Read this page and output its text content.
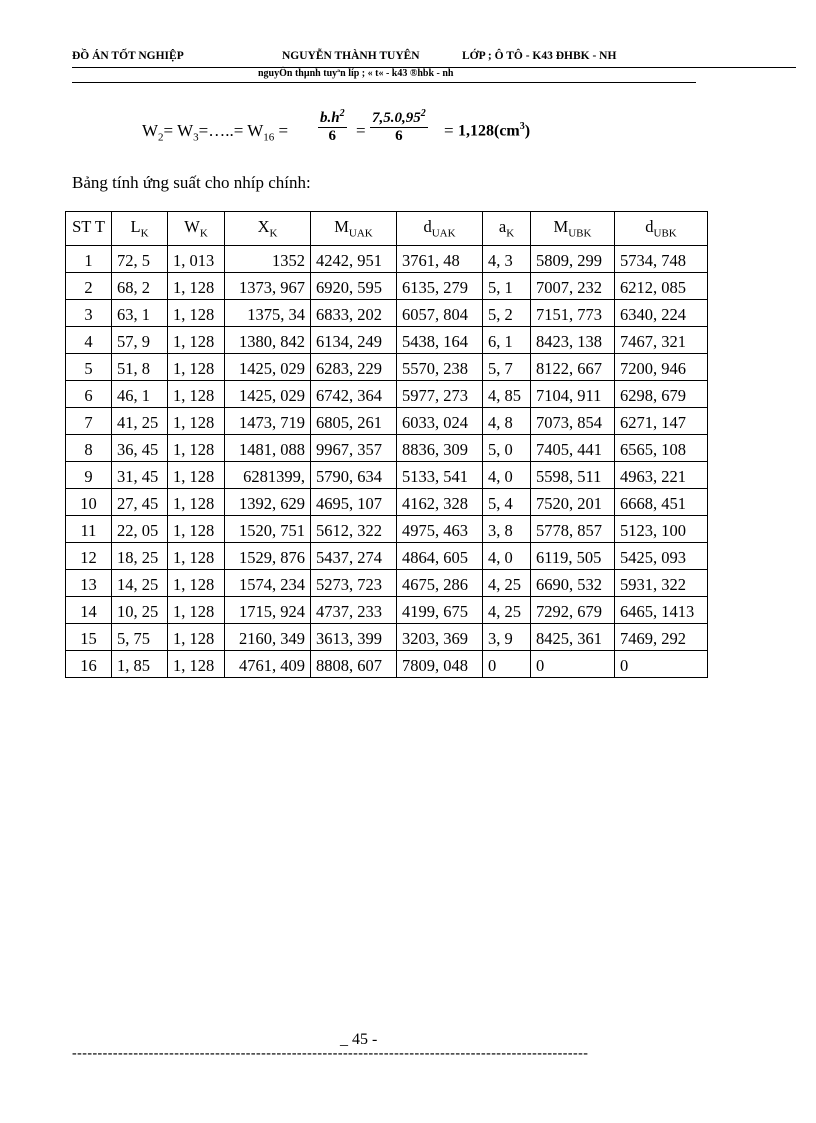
ĐỒ ÁN TỐT NGHIỆP	NGUYỄN THÀNH TUYÊN	LỚP ; Ô TÔ - K43 ĐHBK - NH
nguyÔn thµnh tuyªn líp ; « t« - k43 ®hbk - nh
$W_2=$ $W_3=\dots..= W_{16} = \frac{b.h^2}{6} = \frac{7,5.0,95^2}{6} = 1,128(cm^3)$
Bảng tính ứng suất cho nhíp chính:
ST T	$L_K$	$W_K$	$X_K$	$M_{UAK}$	$d_{UAK}$	$a_K$	$M_{UBK}$	$d_{UBK}$
1	72, 5	1, 013	1352	4242, 951	3761, 48	4, 3	5809, 299	5734, 748
2	68, 2	1, 128	1373, 967	6920, 595	6135, 279	5, 1	7007, 232	6212, 085
3	63, 1	1, 128	1375, 34	6833, 202	6057, 804	5, 2	7151, 773	6340, 224
4	57, 9	1, 128	1380, 842	6134, 249	5438, 164	6, 1	8423, 138	7467, 321
5	51, 8	1, 128	1425, 029	6283, 229	5570, 238	5, 7	8122, 667	7200, 946
6	46, 1	1, 128	1425, 029	6742, 364	5977, 273	4, 85	7104, 911	6298, 679
7	41, 25	1, 128	1473, 719	6805, 261	6033, 024	4, 8	7073, 854	6271, 147
8	36, 45	1, 128	1481, 088	9967, 357	8836, 309	5, 0	7405, 441	6565, 108
9	31, 45	1, 128	6281399,	5790, 634	5133, 541	4, 0	5598, 511	4963, 221
10	27, 45	1, 128	1392, 629	4695, 107	4162, 328	5, 4	7520, 201	6668, 451
11	22, 05	1, 128	1520, 751	5612, 322	4975, 463	3, 8	5778, 857	5123, 100
12	18, 25	1, 128	1529, 876	5437, 274	4864, 605	4, 0	6119, 505	5425, 093
13	14, 25	1, 128	1574, 234	5273, 723	4675, 286	4, 25	6690, 532	5931, 322
14	10, 25	1, 128	1715, 924	4737, 233	4199, 675	4, 25	7292, 679	6465, 1413
15	5, 75	1, 128	2160, 349	3613, 399	3203, 369	3, 9	8425, 361	7469, 292
16	1, 85	1, 128	4761, 409	8808, 607	7809, 048	0	0	0
_ 45 -
-----------------------------------------------------------------------------------------------------
